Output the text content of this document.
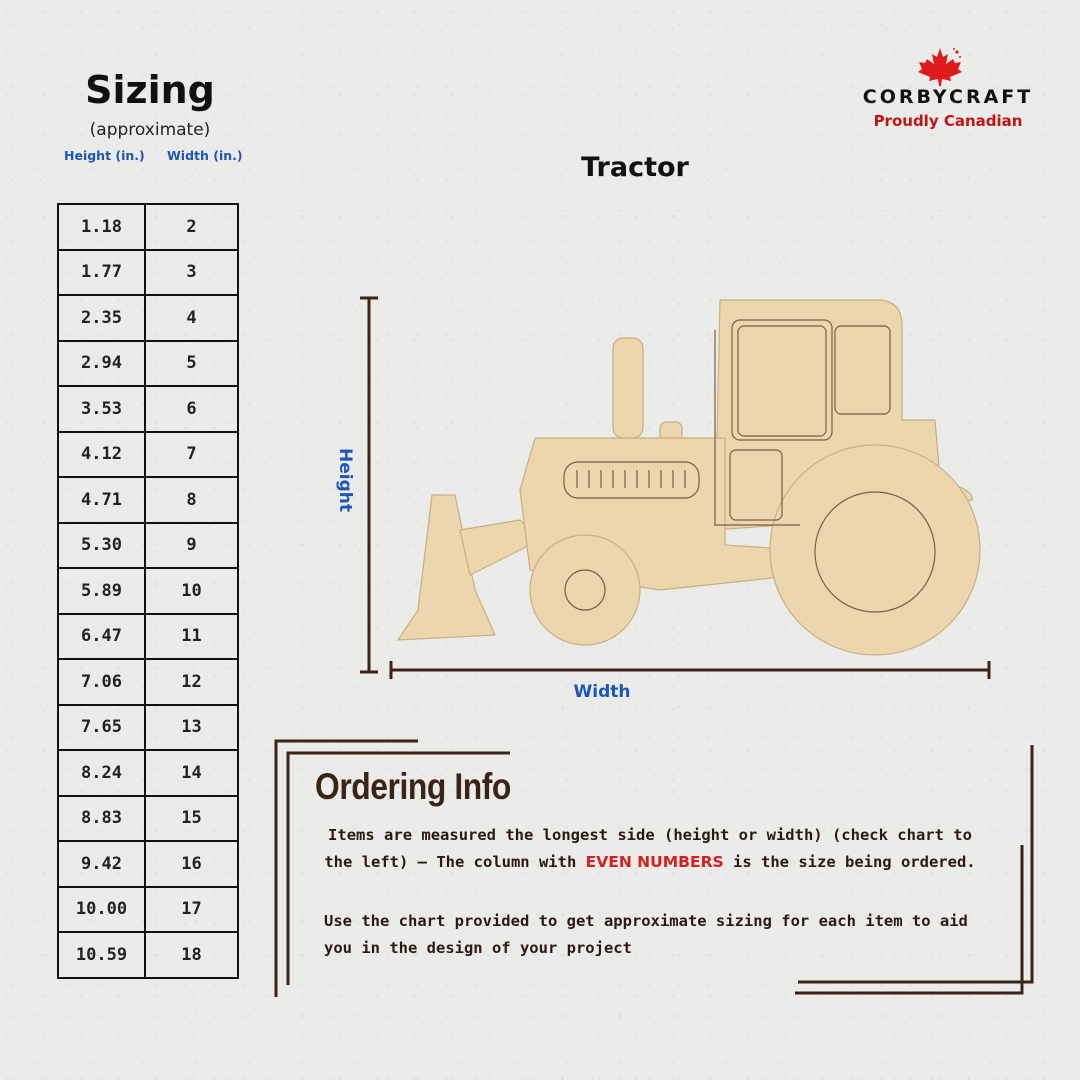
Sizing
(approximate)
Height (in.) Width (in.)
1.18	2
1.77	3
2.35	4
2.94	5
3.53	6
4.12	7
4.71	8
5.30	9
5.89	10
6.47	11
7.06	12
7.65	13
8.24	14
8.83	15
9.42	16
10.00	17
10.59	18
CORBYCRAFT
Proudly Canadian
Tractor
Height
Width
Ordering Info
Items are measured the longest side (height or width) (check chart to the left) – The column with EVEN NUMBERS is the size being ordered.
Use the chart provided to get approximate sizing for each item to aid you in the design of your project
